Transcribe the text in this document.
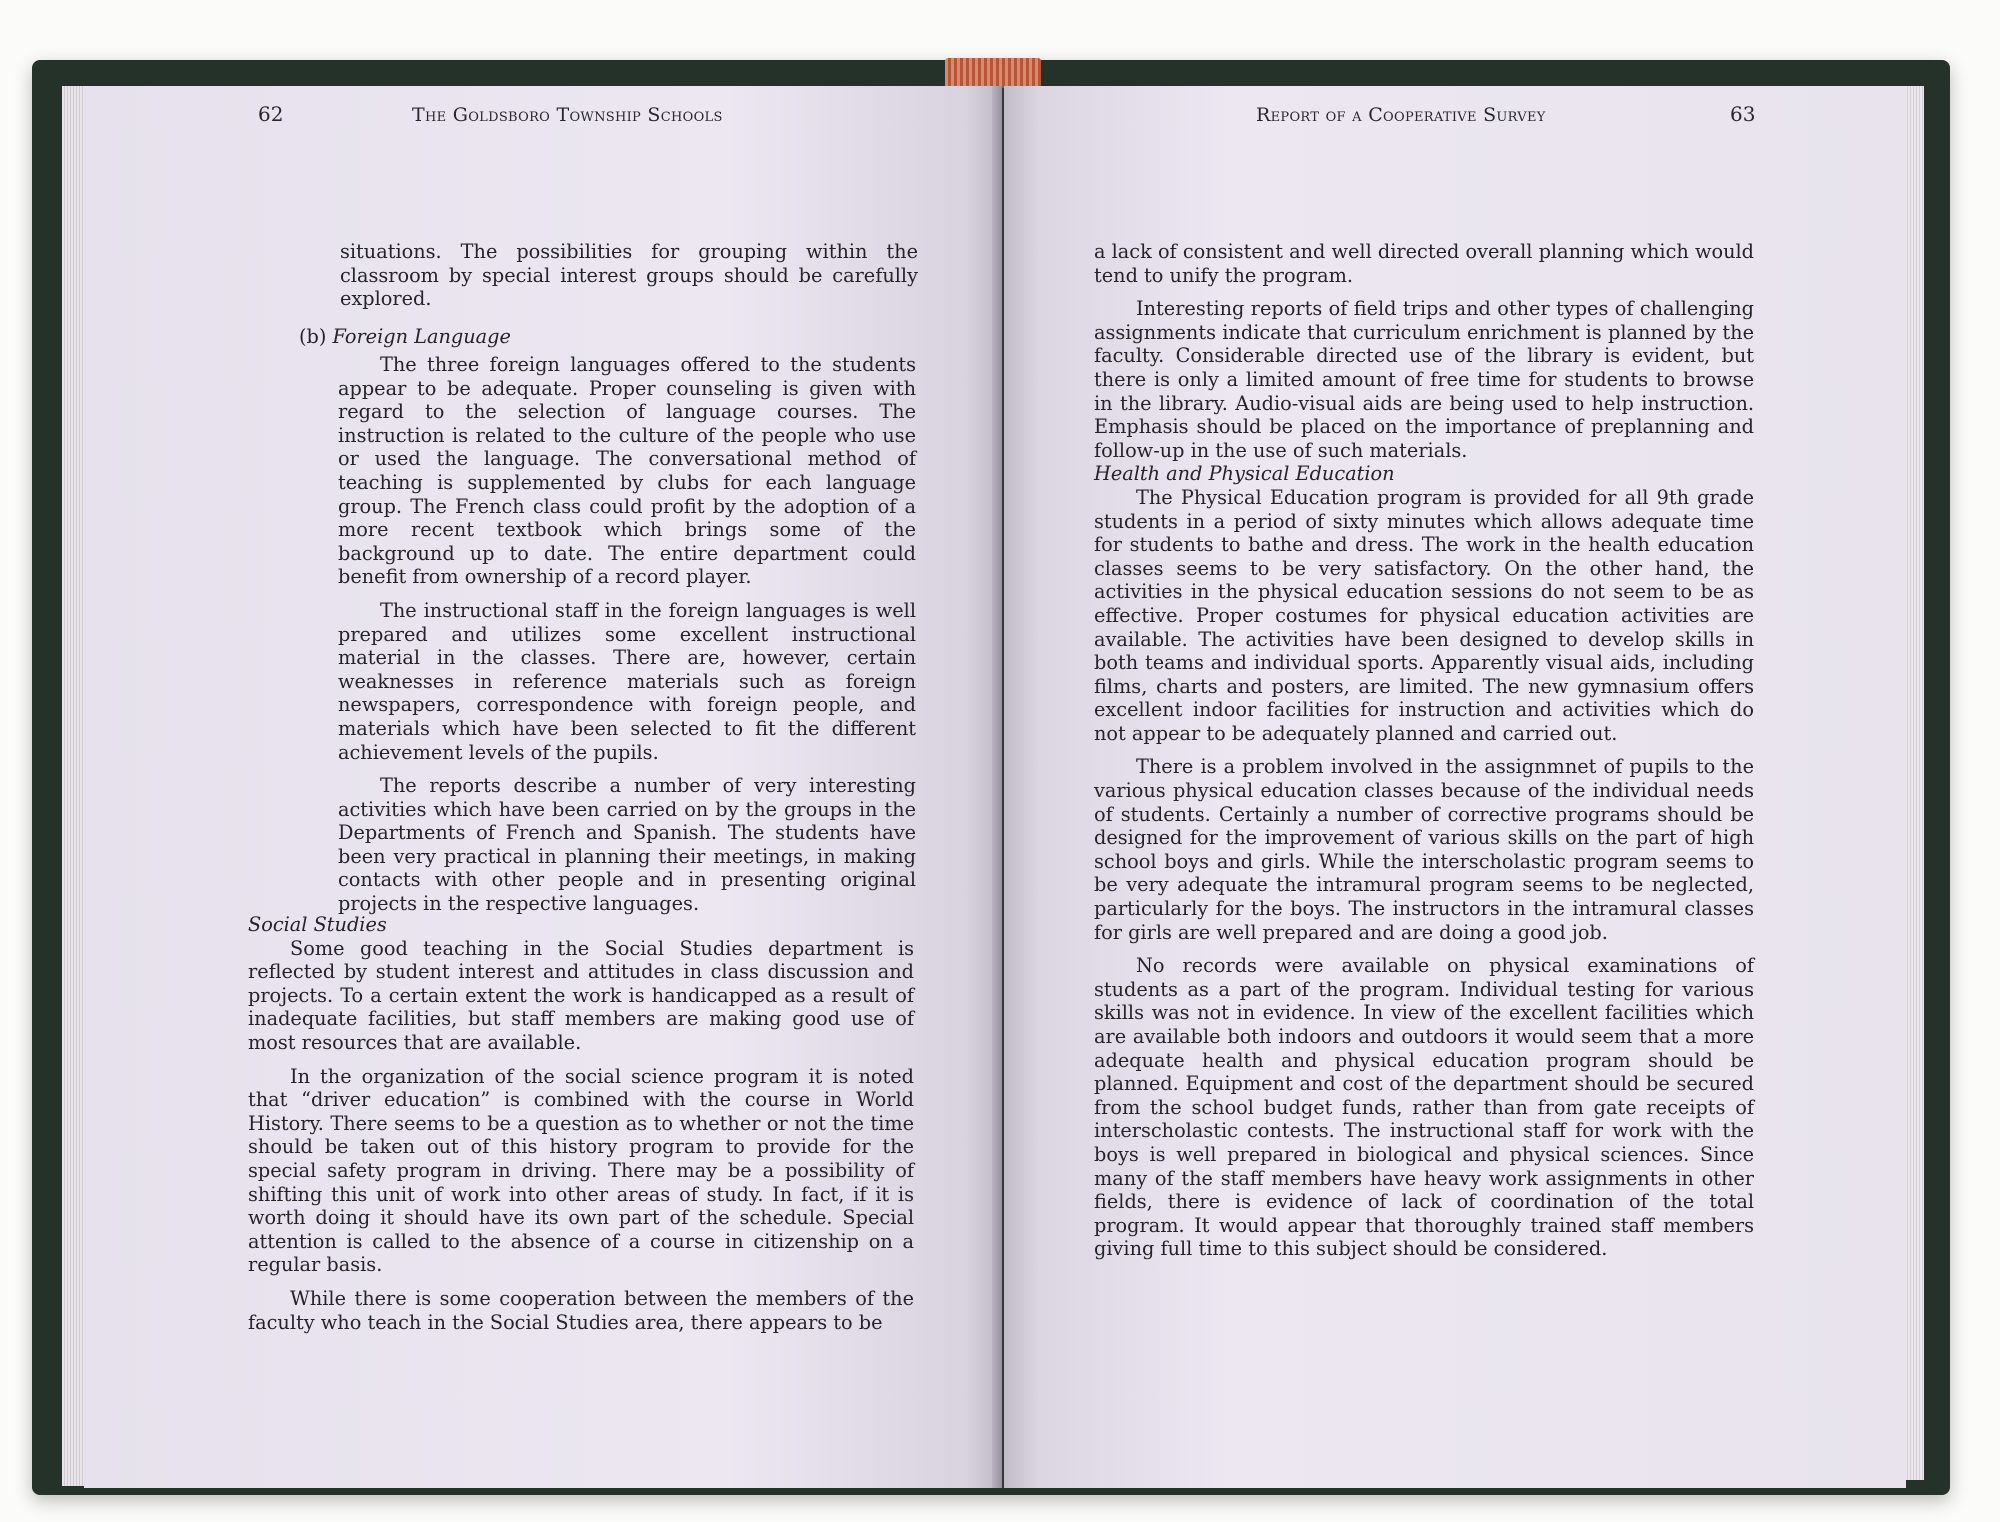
62	The Goldsboro Township Schools

situations. The possibilities for grouping within the classroom by special interest groups should be carefully explored.

(b) Foreign Language

The three foreign languages offered to the students appear to be adequate. Proper counseling is given with regard to the selection of language courses. The instruction is related to the culture of the people who use or used the language. The conversational method of teaching is supplemented by clubs for each language group. The French class could profit by the adoption of a more recent textbook which brings some of the background up to date. The entire department could benefit from ownership of a record player.

The instructional staff in the foreign languages is well prepared and utilizes some excellent instructional material in the classes. There are, however, certain weaknesses in reference materials such as foreign newspapers, correspondence with foreign people, and materials which have been selected to fit the different achievement levels of the pupils.

The reports describe a number of very interesting activities which have been carried on by the groups in the Departments of French and Spanish. The students have been very practical in planning their meetings, in making contacts with other people and in presenting original projects in the respective languages.

Social Studies

Some good teaching in the Social Studies department is reflected by student interest and attitudes in class discussion and projects. To a certain extent the work is handicapped as a result of inadequate facilities, but staff members are making good use of most resources that are available.

In the organization of the social science program it is noted that “driver education” is combined with the course in World History. There seems to be a question as to whether or not the time should be taken out of this history program to provide for the special safety program in driving. There may be a possibility of shifting this unit of work into other areas of study. In fact, if it is worth doing it should have its own part of the schedule. Special attention is called to the absence of a course in citizenship on a regular basis.

While there is some cooperation between the members of the faculty who teach in the Social Studies area, there appears to be

Report of a Cooperative Survey	63

a lack of consistent and well directed overall planning which would tend to unify the program.

Interesting reports of field trips and other types of challenging assignments indicate that curriculum enrichment is planned by the faculty. Considerable directed use of the library is evident, but there is only a limited amount of free time for students to browse in the library. Audio-visual aids are being used to help instruction. Emphasis should be placed on the importance of preplanning and follow-up in the use of such materials.

Health and Physical Education

The Physical Education program is provided for all 9th grade students in a period of sixty minutes which allows adequate time for students to bathe and dress. The work in the health education classes seems to be very satisfactory. On the other hand, the activities in the physical education sessions do not seem to be as effective. Proper costumes for physical education activities are available. The activities have been designed to develop skills in both teams and individual sports. Apparently visual aids, including films, charts and posters, are limited. The new gymnasium offers excellent indoor facilities for instruction and activities which do not appear to be adequately planned and carried out.

There is a problem involved in the assignmnet of pupils to the various physical education classes because of the individual needs of students. Certainly a number of corrective programs should be designed for the improvement of various skills on the part of high school boys and girls. While the interscholastic program seems to be very adequate the intramural program seems to be neglected, particularly for the boys. The instructors in the intramural classes for girls are well prepared and are doing a good job.

No records were available on physical examinations of students as a part of the program. Individual testing for various skills was not in evidence. In view of the excellent facilities which are available both indoors and outdoors it would seem that a more adequate health and physical education program should be planned. Equipment and cost of the department should be secured from the school budget funds, rather than from gate receipts of interscholastic contests. The instructional staff for work with the boys is well prepared in biological and physical sciences. Since many of the staff members have heavy work assignments in other fields, there is evidence of lack of coordination of the total program. It would appear that thoroughly trained staff members giving full time to this subject should be considered.
